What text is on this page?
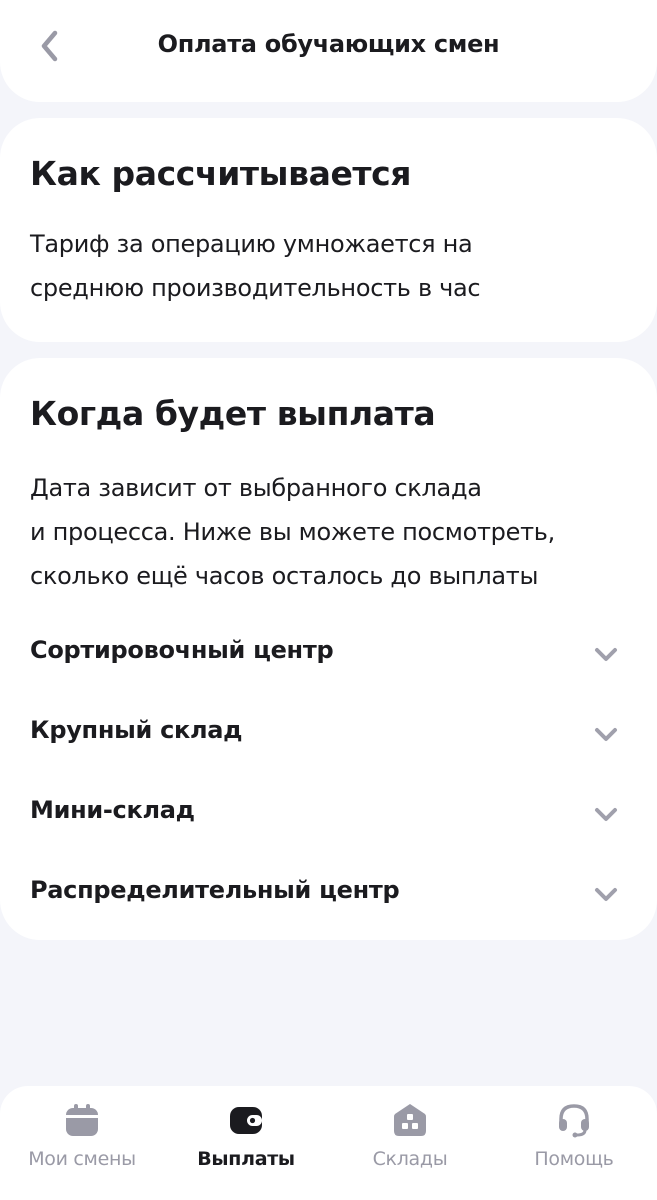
Оплата обучающих смен
Как рассчитывается
Тариф за операцию умножается на
среднюю производительность в час
Когда будет выплата
Дата зависит от выбранного склада
и процесса. Ниже вы можете посмотреть,
сколько ещё часов осталось до выплаты
Сортировочный центр
Крупный склад
Мини-склад
Распределительный центр
Мои смены	Выплаты	Склады	Помощь
